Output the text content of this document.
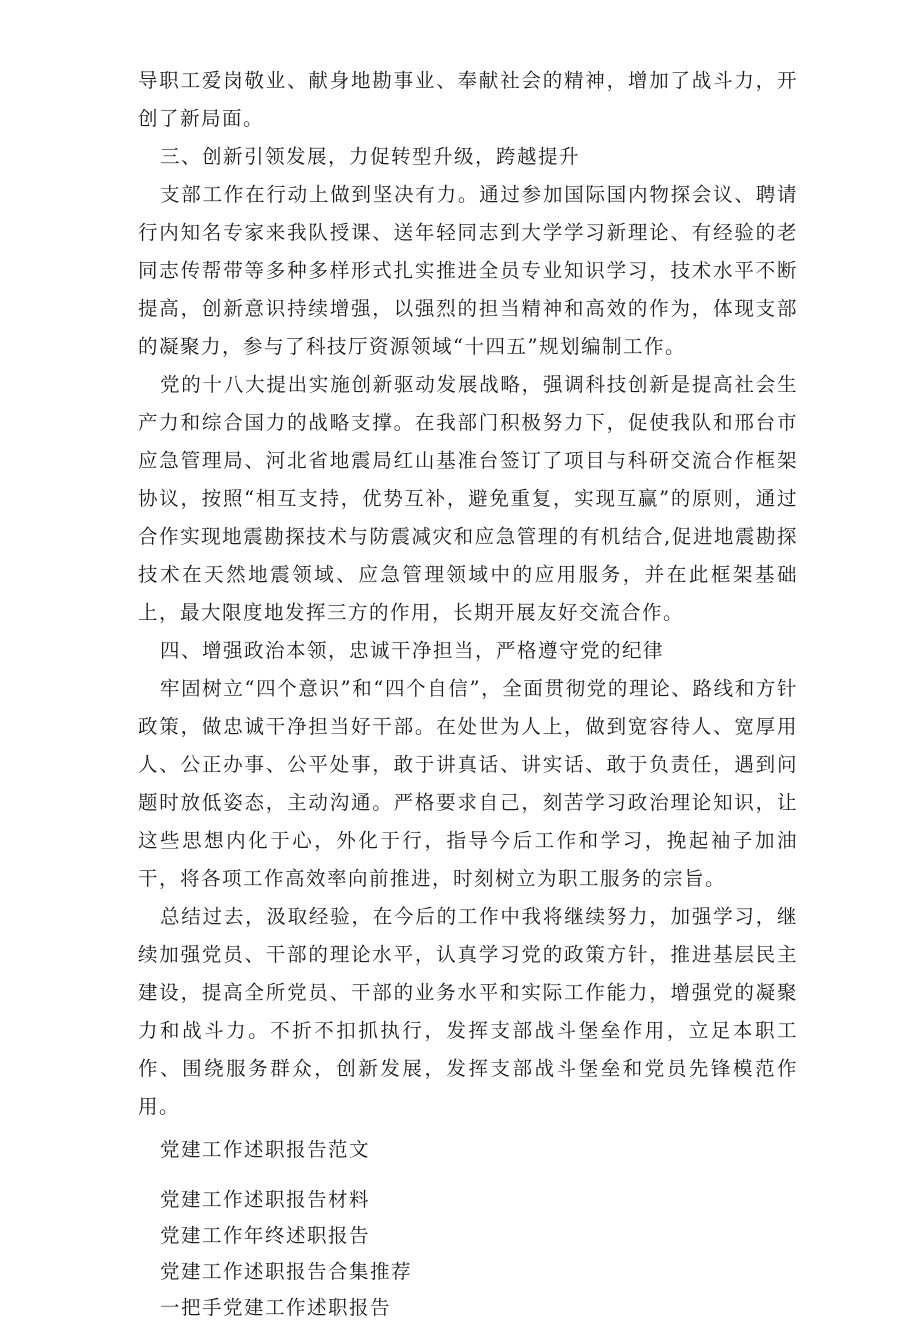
导职工爱岗敬业、献身地勘事业、奉献社会的精神，增加了战斗力，开创了新局面。

三、创新引领发展，力促转型升级，跨越提升

支部工作在行动上做到坚决有力。通过参加国际国内物探会议、聘请行内知名专家来我队授课、送年轻同志到大学学习新理论、有经验的老同志传帮带等多种多样形式扎实推进全员专业知识学习，技术水平不断提高，创新意识持续增强，以强烈的担当精神和高效的作为，体现支部的凝聚力，参与了科技厅资源领域“十四五”规划编制工作。

党的十八大提出实施创新驱动发展战略，强调科技创新是提高社会生产力和综合国力的战略支撑。在我部门积极努力下，促使我队和邢台市应急管理局、河北省地震局红山基准台签订了项目与科研交流合作框架协议，按照“相互支持，优势互补，避免重复，实现互赢”的原则，通过合作实现地震勘探技术与防震减灾和应急管理的有机结合,促进地震勘探技术在天然地震领域、应急管理领域中的应用服务，并在此框架基础上，最大限度地发挥三方的作用，长期开展友好交流合作。

四、增强政治本领，忠诚干净担当，严格遵守党的纪律

牢固树立“四个意识”和“四个自信”，全面贯彻党的理论、路线和方针政策，做忠诚干净担当好干部。在处世为人上，做到宽容待人、宽厚用人、公正办事、公平处事，敢于讲真话、讲实话、敢于负责任，遇到问题时放低姿态，主动沟通。严格要求自己，刻苦学习政治理论知识，让这些思想内化于心，外化于行，指导今后工作和学习，挽起袖子加油干，将各项工作高效率向前推进，时刻树立为职工服务的宗旨。

总结过去，汲取经验，在今后的工作中我将继续努力，加强学习，继续加强党员、干部的理论水平，认真学习党的政策方针，推进基层民主建设，提高全所党员、干部的业务水平和实际工作能力，增强党的凝聚力和战斗力。不折不扣抓执行，发挥支部战斗堡垒作用，立足本职工作、围绕服务群众，创新发展，发挥支部战斗堡垒和党员先锋模范作用。

党建工作述职报告范文
党建工作述职报告材料
党建工作年终述职报告
党建工作述职报告合集推荐
一把手党建工作述职报告
